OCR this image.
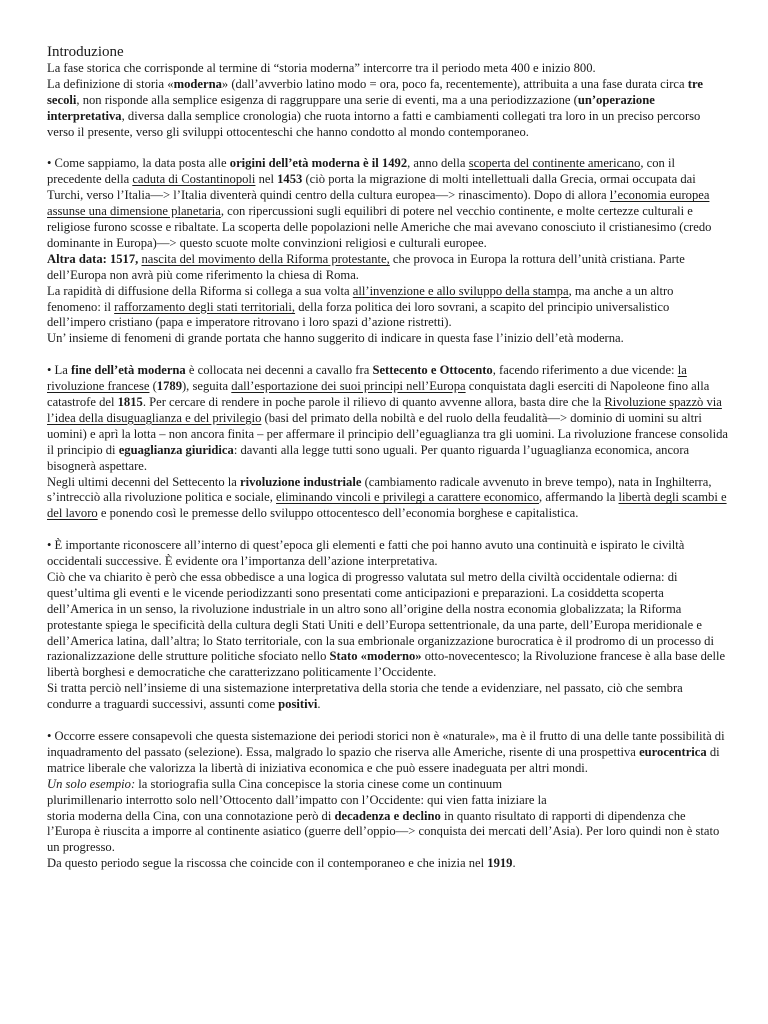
Introduzione

La fase storica che corrisponde al termine di “storia moderna” intercorre tra il periodo meta 400 e inizio 800.

La definizione di storia «moderna» (dall’avverbio latino modo = ora, poco fa, recentemente), attribuita a una fase durata circa tre secoli, non risponde alla semplice esigenza di raggruppare una serie di eventi, ma a una periodizzazione (un’operazione interpretativa, diversa dalla semplice cronologia) che ruota intorno a fatti e cambiamenti collegati tra loro in un preciso percorso verso il presente, verso gli sviluppi ottocenteschi che hanno condotto al mondo contemporaneo.

• Come sappiamo, la data posta alle origini dell’età moderna è il 1492, anno della scoperta del continente americano, con il precedente della caduta di Costantinopoli nel 1453 (ciò porta la migrazione di molti intellettuali dalla Grecia, ormai occupata dai Turchi, verso l’Italia—> l’Italia diventerà quindi centro della cultura europea—> rinascimento). Dopo di allora l’economia europea assunse una dimensione planetaria, con ripercussioni sugli equilibri di potere nel vecchio continente, e molte certezze culturali e religiose furono scosse e ribaltate. La scoperta delle popolazioni nelle Americhe che mai avevano conosciuto il cristianesimo (credo dominante in Europa)—> questo scuote molte convinzioni religiosi e culturali europee.

Altra data: 1517, nascita del movimento della Riforma protestante, che provoca in Europa la rottura dell’unità cristiana. Parte dell’Europa non avrà più come riferimento la chiesa di Roma.

La rapidità di diffusione della Riforma si collega a sua volta all’invenzione e allo sviluppo della stampa, ma anche a un altro fenomeno: il rafforzamento degli stati territoriali, della forza politica dei loro sovrani, a scapito del principio universalistico dell’impero cristiano (papa e imperatore ritrovano i loro spazi d’azione ristretti).

Un’ insieme di fenomeni di grande portata che hanno suggerito di indicare in questa fase l’inizio dell’età moderna.

• La fine dell’età moderna è collocata nei decenni a cavallo fra Settecento e Ottocento, facendo riferimento a due vicende: la rivoluzione francese (1789), seguita dall’esportazione dei suoi principi nell’Europa conquistata dagli eserciti di Napoleone fino alla catastrofe del 1815. Per cercare di rendere in poche parole il rilievo di quanto avvenne allora, basta dire che la Rivoluzione spazzò via l’idea della disuguaglianza e del privilegio (basi del primato della nobiltà e del ruolo della feudalità—> dominio di uomini su altri uomini) e aprì la lotta – non ancora finita – per affermare il principio dell’eguaglianza tra gli uomini. La rivoluzione francese consolida il principio di eguaglianza giuridica: davanti alla legge tutti sono uguali. Per quanto riguarda l’uguaglianza economica, ancora bisognerà aspettare.

Negli ultimi decenni del Settecento la rivoluzione industriale (cambiamento radicale avvenuto in breve tempo), nata in Inghilterra, s’intrecciò alla rivoluzione politica e sociale, eliminando vincoli e privilegi a carattere economico, affermando la libertà degli scambi e del lavoro e ponendo così le premesse dello sviluppo ottocentesco dell’economia borghese e capitalistica.

• È importante riconoscere all’interno di quest’epoca gli elementi e fatti che poi hanno avuto una continuità e ispirato le civiltà occidentali successive. È evidente ora l’importanza dell’azione interpretativa.

Ciò che va chiarito è però che essa obbedisce a una logica di progresso valutata sul metro della civiltà occidentale odierna: di quest’ultima gli eventi e le vicende periodizzanti sono presentati come anticipazioni e preparazioni. La cosiddetta scoperta dell’America in un senso, la rivoluzione industriale in un altro sono all’origine della nostra economia globalizzata; la Riforma protestante spiega le specificità della cultura degli Stati Uniti e dell’Europa settentrionale, da una parte, dell’Europa meridionale e dell’America latina, dall’altra; lo Stato territoriale, con la sua embrionale organizzazione burocratica è il prodromo di un processo di razionalizzazione delle strutture politiche sfociato nello Stato «moderno» otto-novecentesco; la Rivoluzione francese è alla base delle libertà borghesi e democratiche che caratterizzano politicamente l’Occidente.

Si tratta perciò nell’insieme di una sistemazione interpretativa della storia che tende a evidenziare, nel passato, ciò che sembra condurre a traguardi successivi, assunti come positivi.

• Occorre essere consapevoli che questa sistemazione dei periodi storici non è «naturale», ma è il frutto di una delle tante possibilità di inquadramento del passato (selezione). Essa, malgrado lo spazio che riserva alle Americhe, risente di una prospettiva eurocentrica di matrice liberale che valorizza la libertà di iniziativa economica e che può essere inadeguata per altri mondi.

Un solo esempio: la storiografia sulla Cina concepisce la storia cinese come un continuum

plurimillenario interrotto solo nell’Ottocento dall’impatto con l’Occidente: qui vien fatta iniziare la

storia moderna della Cina, con una connotazione però di decadenza e declino in quanto risultato di rapporti di dipendenza che l’Europa è riuscita a imporre al continente asiatico (guerre dell’oppio—> conquista dei mercati dell’Asia). Per loro quindi non è stato un progresso.

Da questo periodo segue la riscossa che coincide con il contemporaneo e che inizia nel 1919.
